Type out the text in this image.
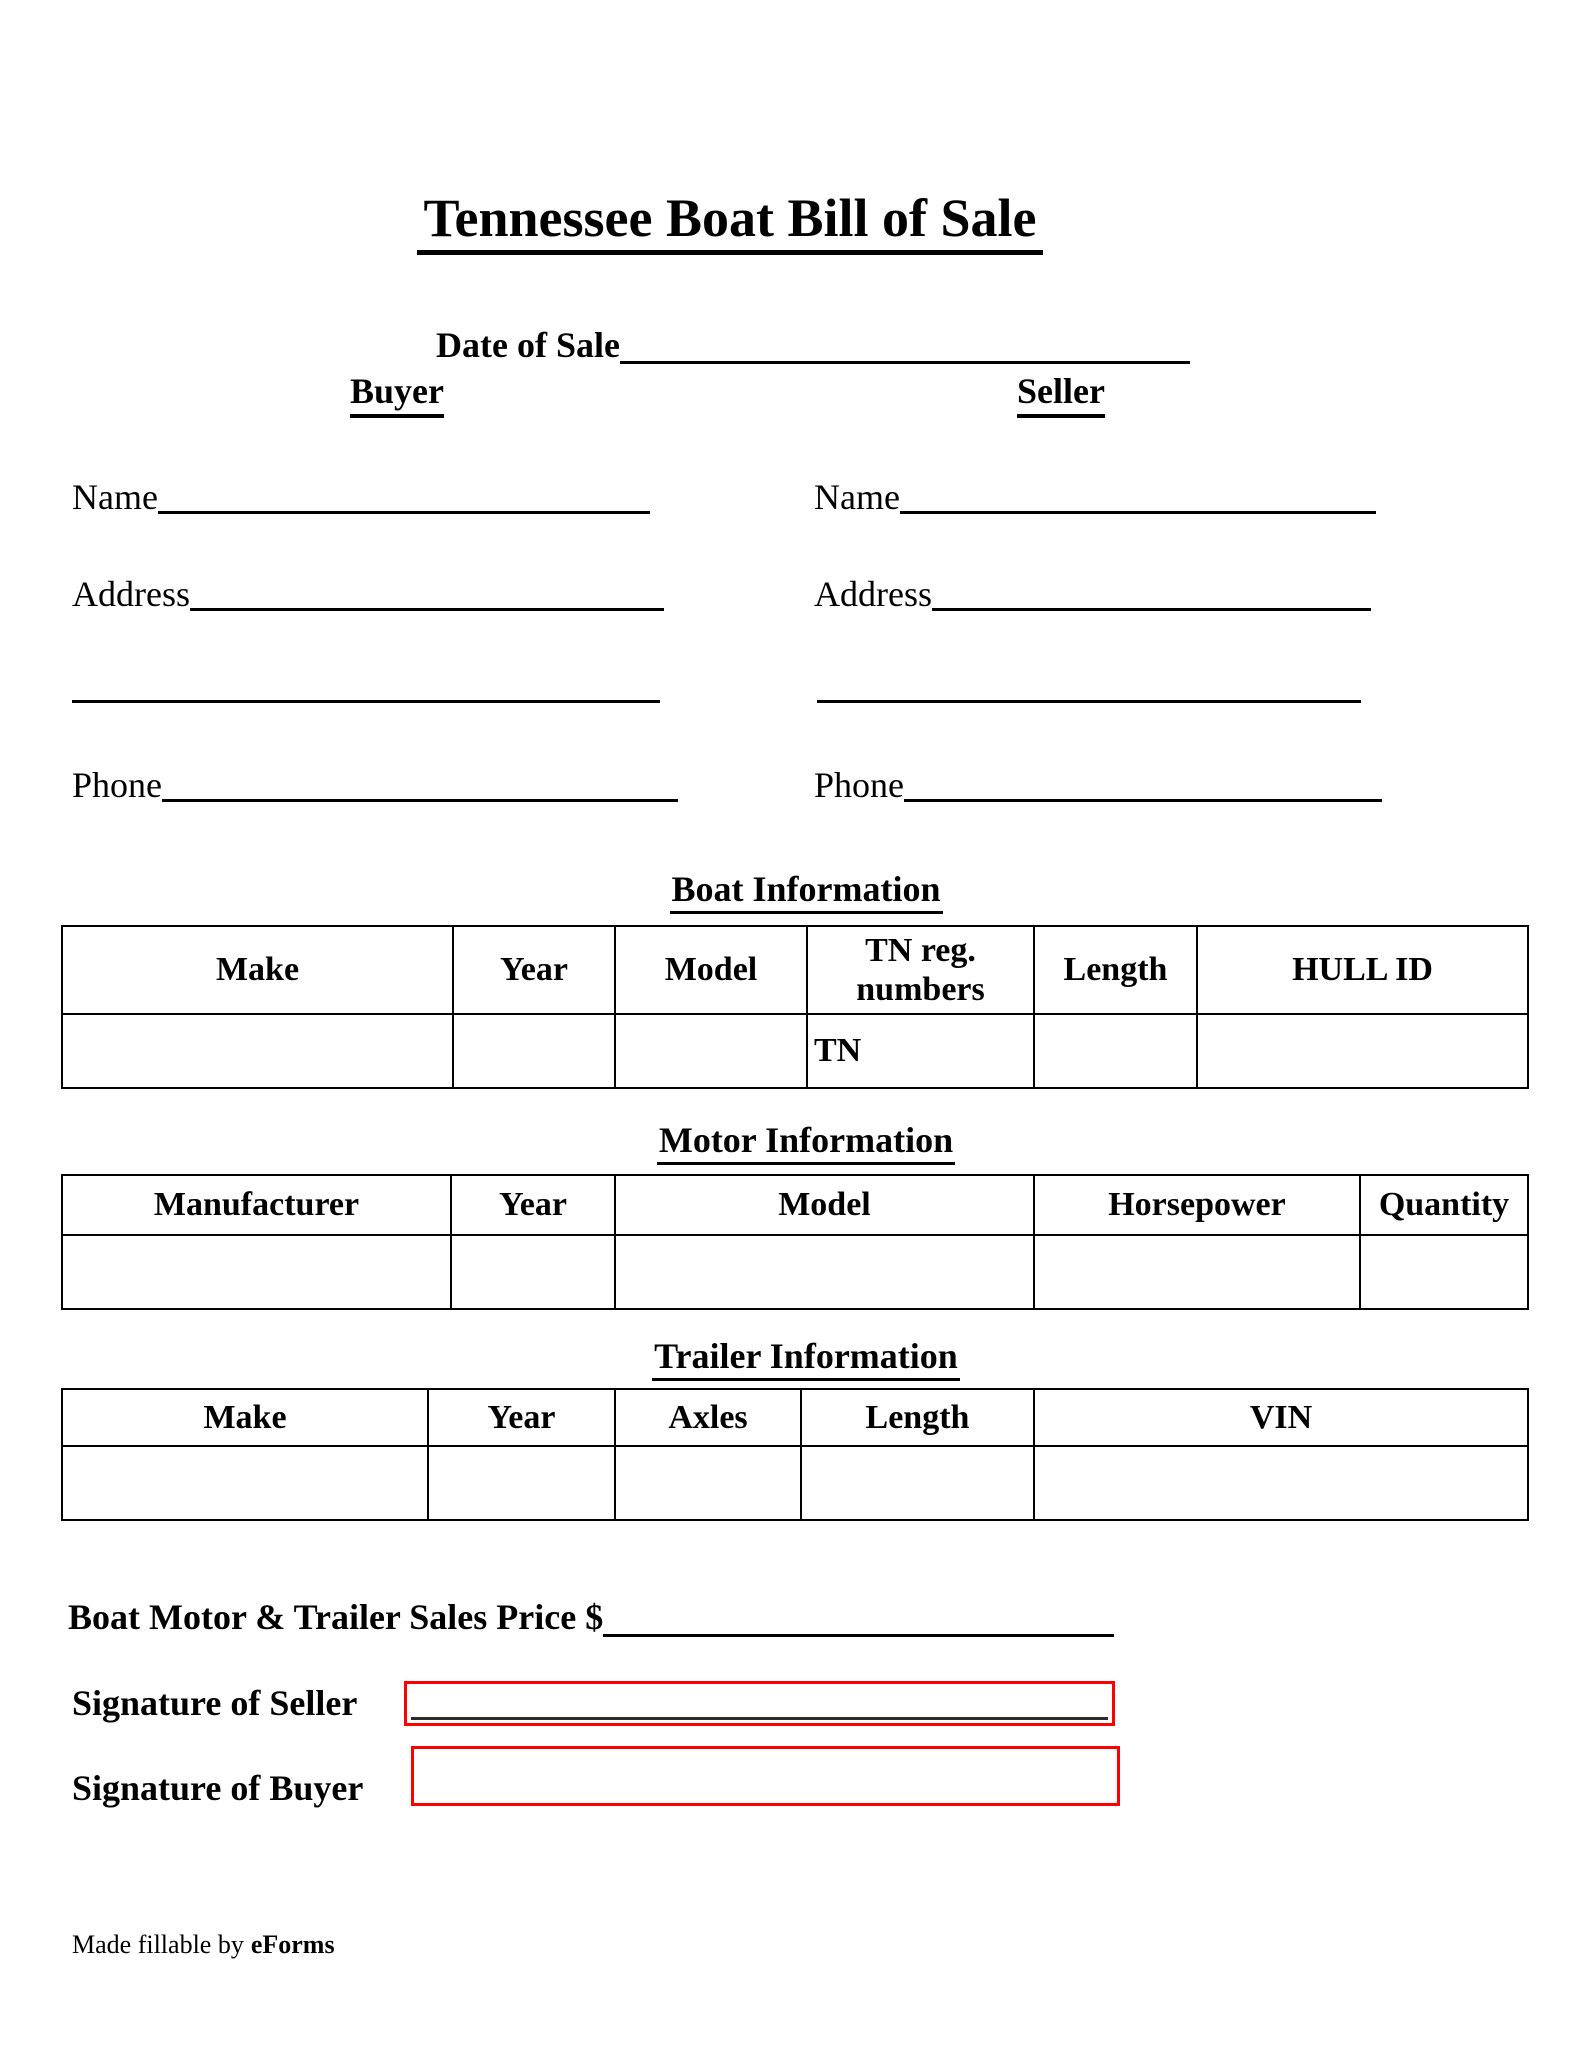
Tennessee Boat Bill of Sale
Date of Sale
Buyer	Seller
Name
Address
Phone
Name
Address
Phone
Boat Information
Make	Year	Model	TN reg. numbers	Length	HULL ID
			TN		
Motor Information
Manufacturer	Year	Model	Horsepower	Quantity

Trailer Information
Make	Year	Axles	Length	VIN

Boat Motor & Trailer Sales Price $
Signature of Seller
Signature of Buyer
Made fillable by eForms
